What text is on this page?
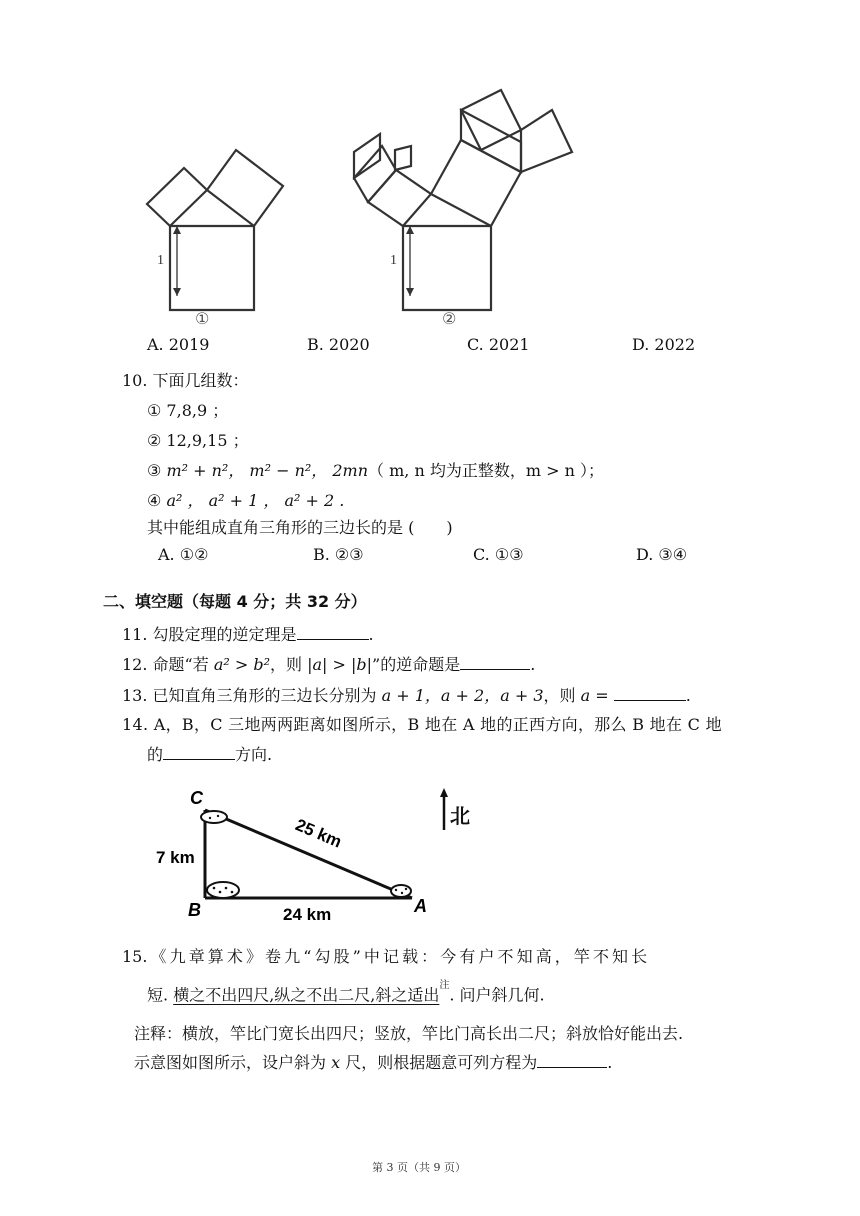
1	1
①	②
A. 2019	B. 2020	C. 2021	D. 2022
10. 下面几组数：
① 7,8,9 ；
② 12,9,15 ；
③ m² + n²， m² − n²， 2mn（ m, n 均为正整数，m > n ）；
④ a² ， a² + 1 ， a² + 2 .
其中能组成直角三角形的三边长的是 (　　)
A. ①②	B. ②③	C. ①③	D. ③④
二、填空题（每题 4 分；共 32 分）
11. 勾股定理的逆定理是	.
12. 命题“若 a² > b²，则 |a| > |b|”的逆命题是	.
13. 已知直角三角形的三边长分别为 a + 1，a + 2，a + 3，则 a =	.
14. A，B，C 三地两两距离如图所示，B 地在 A 地的正西方向，那么 B 地在 C 地
的	方向.
C
B	A
7 km
24 km
25 km	北
15. 《 九 章 算 术 》 卷 九 “ 勾 股 ” 中 记 载 ： 今 有 户 不 知 高 ， 竿 不 知 长
短. 横之不出四尺,纵之不出二尺,斜之适出$^注$. 问户斜几何.
注释：横放，竿比门宽长出四尺；竖放，竿比门高长出二尺；斜放恰好能出去.
示意图如图所示，设户斜为 x 尺，则根据题意可列方程为	.
第 3 页（共 9 页）
